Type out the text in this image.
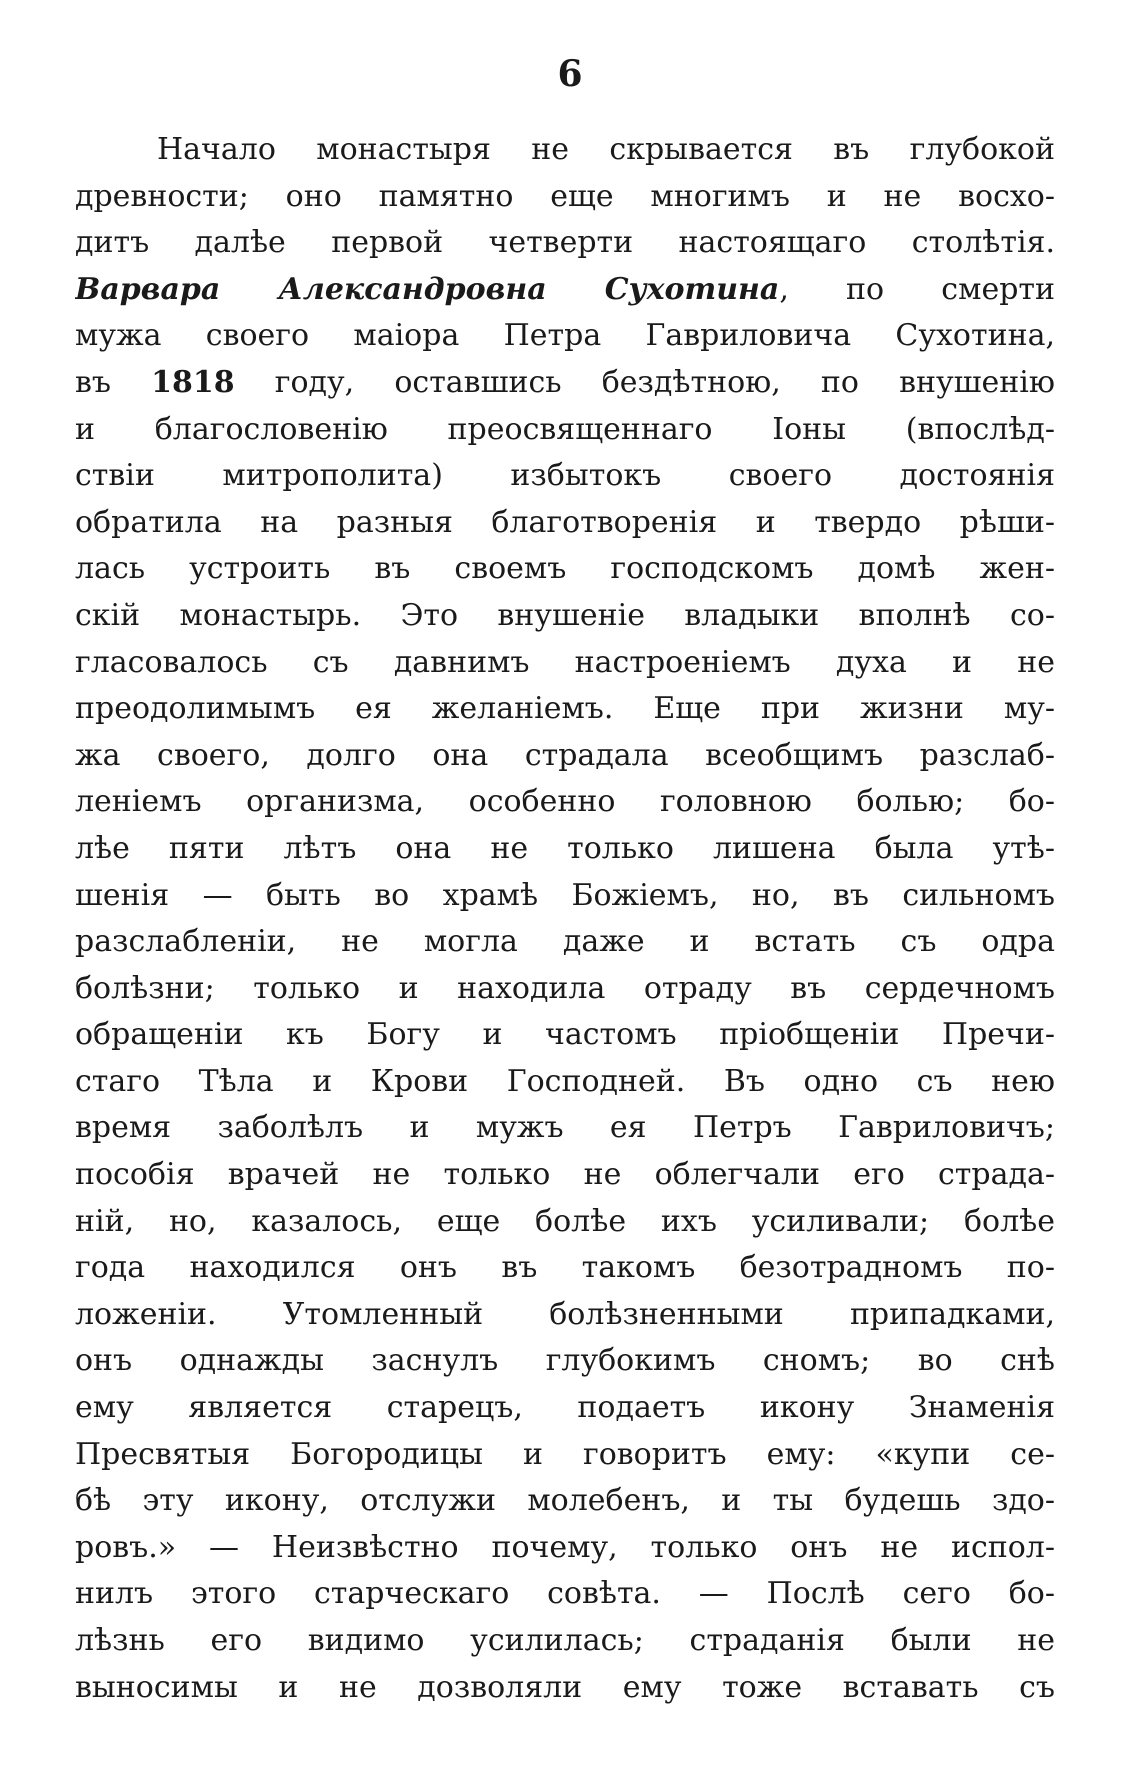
6
Начало монастыря не скрывается въ глубокой
древности; оно памятно еще многимъ и не восхо-
дитъ далѣе первой четверти настоящаго столѣтія.
Варвара Александровна Сухотина, по смерти
мужа своего маіора Петра Гавриловича Сухотина,
въ 1818 году, оставшись бездѣтною, по внушенію
и благословенію преосвященнаго Іоны (впослѣд-
ствіи митрополита) избытокъ своего достоянія
обратила на разныя благотворенія и твердо рѣши-
лась устроить въ своемъ господскомъ домѣ жен-
скій монастырь. Это внушеніе владыки вполнѣ со-
гласовалось съ давнимъ настроеніемъ духа и не
преодолимымъ ея желаніемъ. Еще при жизни му-
жа своего, долго она страдала всеобщимъ разслаб-
леніемъ организма, особенно головною болью; бо-
лѣе пяти лѣтъ она не только лишена была утѣ-
шенія — быть во храмѣ Божіемъ, но, въ сильномъ
разслабленіи, не могла даже и встать съ одра
болѣзни; только и находила отраду въ сердечномъ
обращеніи къ Богу и частомъ пріобщеніи Пречи-
стаго Тѣла и Крови Господней. Въ одно съ нею
время заболѣлъ и мужъ ея Петръ Гавриловичъ;
пособія врачей не только не облегчали его страда-
ній, но, казалось, еще болѣе ихъ усиливали; болѣе
года находился онъ въ такомъ безотрадномъ по-
ложеніи. Утомленный болѣзненными припадками,
онъ однажды заснулъ глубокимъ сномъ; во снѣ
ему является старецъ, подаетъ икону Знаменія
Пресвятыя Богородицы и говоритъ ему: «купи се-
бѣ эту икону, отслужи молебенъ, и ты будешь здо-
ровъ.» — Неизвѣстно почему, только онъ не испол-
нилъ этого старческаго совѣта. — Послѣ сего бо-
лѣзнь его видимо усилилась; страданія были не
выносимы и не дозволяли ему тоже вставать съ
